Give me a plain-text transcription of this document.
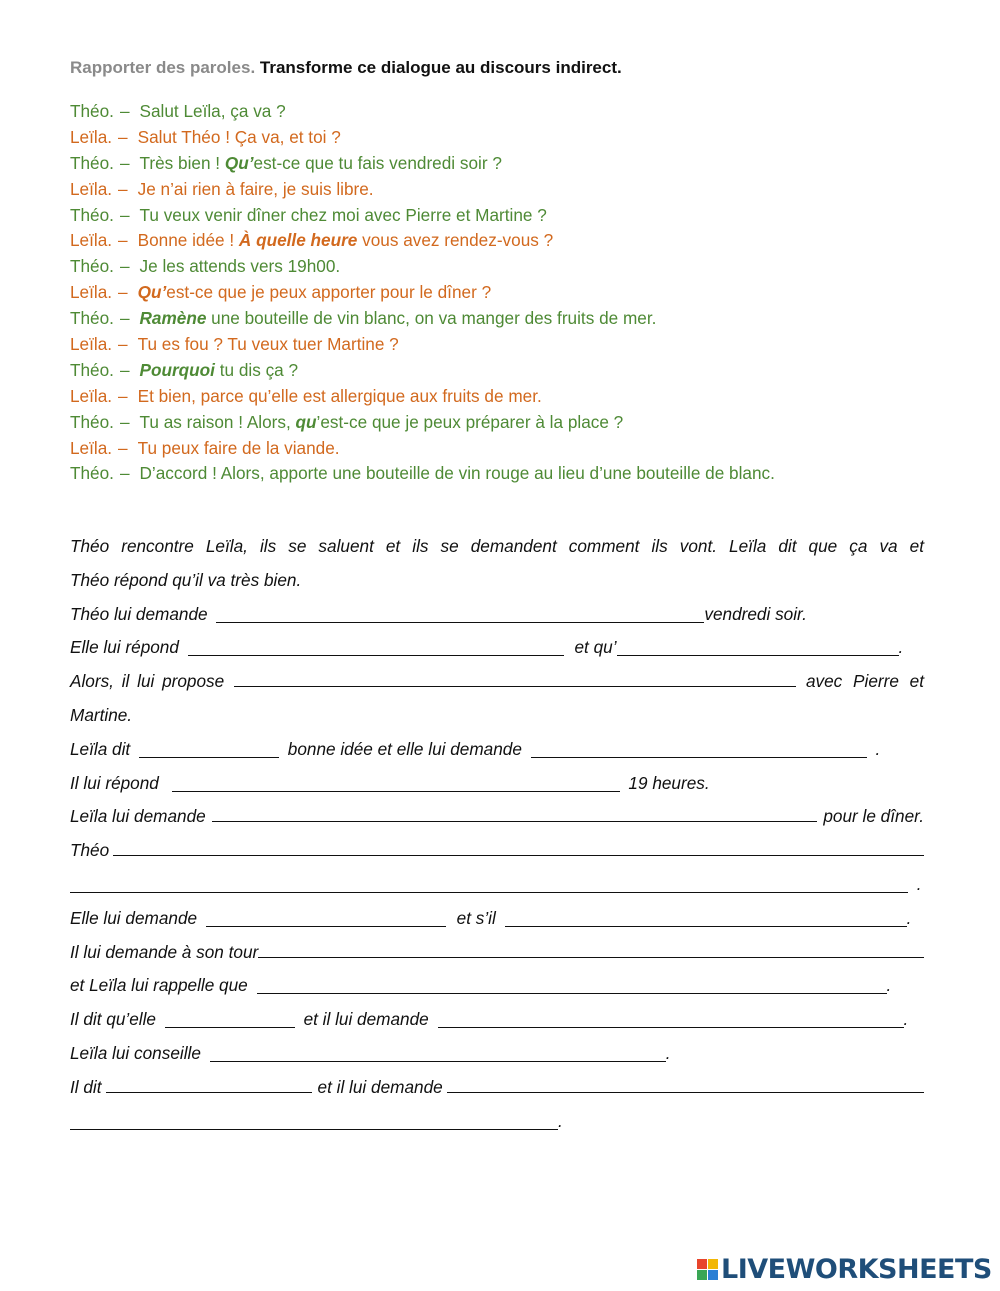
Rapporter des paroles. Transforme ce dialogue au discours indirect.
Théo. – Salut Leïla, ça va ?
Leïla. – Salut Théo ! Ça va, et toi ?
Théo. – Très bien ! Qu’est-ce que tu fais vendredi soir ?
Leïla. – Je n’ai rien à faire, je suis libre.
Théo. – Tu veux venir dîner chez moi avec Pierre et Martine ?
Leïla. – Bonne idée ! À quelle heure vous avez rendez-vous ?
Théo. – Je les attends vers 19h00.
Leïla. – Qu’est-ce que je peux apporter pour le dîner ?
Théo. – Ramène une bouteille de vin blanc, on va manger des fruits de mer.
Leïla. – Tu es fou ? Tu veux tuer Martine ?
Théo. – Pourquoi tu dis ça ?
Leïla. – Et bien, parce qu’elle est allergique aux fruits de mer.
Théo. – Tu as raison ! Alors, qu’est-ce que je peux préparer à la place ?
Leïla. – Tu peux faire de la viande.
Théo. – D’accord ! Alors, apporte une bouteille de vin rouge au lieu d’une bouteille de blanc.
Théo rencontre Leïla, ils se saluent et ils se demandent comment ils vont. Leïla dit que ça va et
Théo répond qu’il va très bien.
Théo lui demande	vendredi soir.
Elle lui répond	et qu’	.
Alors, il lui propose	avec Pierre et
Martine.
Leïla dit	bonne idée et elle lui demande	.
Il lui répond	19 heures.
Leïla lui demande	pour le dîner.
Théo
.
Elle lui demande	et s’il	.
Il lui demande à son tour
et Leïla lui rappelle que	.
Il dit qu’elle	et il lui demande	.
Leïla lui conseille	.
Il dit	et il lui demande
.
LIVEWORKSHEETS
